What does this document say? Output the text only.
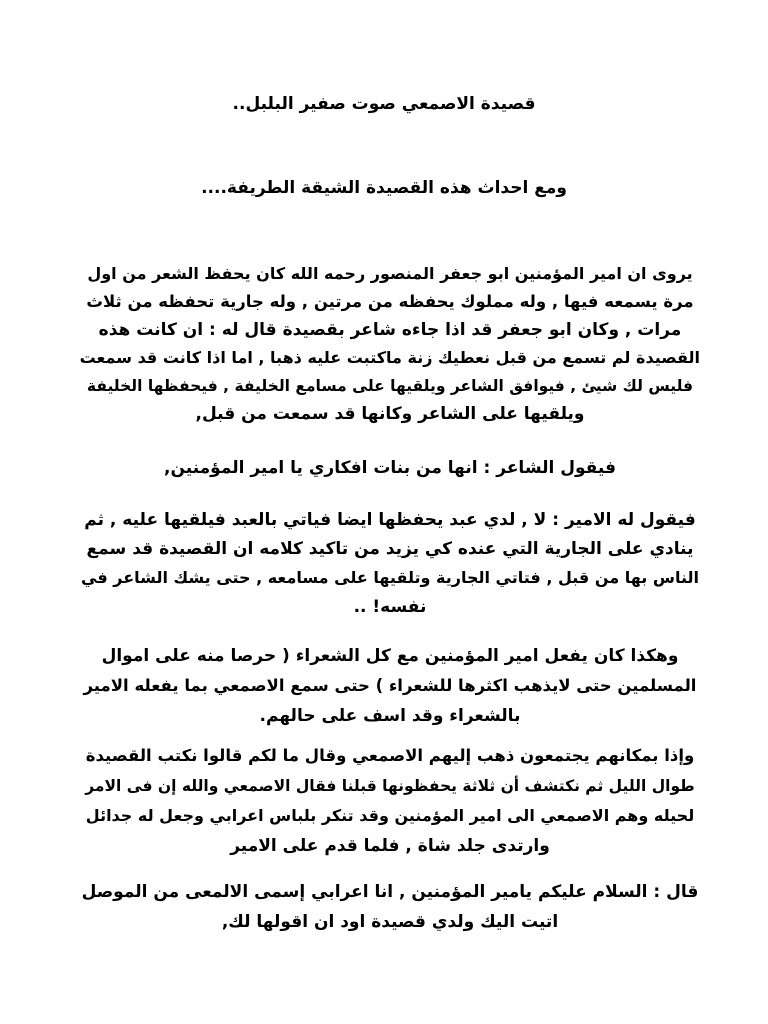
قصيدة الاصمعي صوت صفير البلبل..
ومع احداث هذه القصيدة الشيقة الطريفة....
يروى ان امير المؤمنين ابو جعفر المنصور رحمه الله كان يحفظ الشعر من اول
مرة يسمعه فيها , وله مملوك يحفظه من مرتين , وله جارية تحفظه من ثلاث
مرات , وكان ابو جعفر قد اذا جاءه شاعر بقصيدة قال له : ان كانت هذه
القصيدة لم تسمع من قبل نعطيك زنة ماكتبت عليه ذهبا , اما اذا كانت قد سمعت
فليس لك شيئ , فيوافق الشاعر ويلقيها على مسامع الخليفة , فيحفظها الخليفة
ويلقيها على الشاعر وكانها قد سمعت من قبل,
فيقول الشاعر : انها من بنات افكاري يا امير المؤمنين,
فيقول له الامير : لا , لدي عبد يحفظها ايضا فياتي بالعبد فيلقيها عليه , ثم
ينادي على الجارية التي عنده كي يزيد من تاكيد كلامه ان القصيدة قد سمع
الناس بها من قبل , فتاتي الجارية وتلقيها على مسامعه , حتى يشك الشاعر في
نفسه! ..
وهكذا كان يفعل امير المؤمنين مع كل الشعراء ( حرصا منه على اموال
المسلمين حتى لايذهب اكثرها للشعراء ) حتى سمع الاصمعي بما يفعله الامير
بالشعراء وقد اسف على حالهم.
وإذا بمكانهم يجتمعون ذهب إليهم الاصمعي وقال ما لكم قالوا نكتب القصيدة
طوال الليل ثم نكتشف أن ثلاثة يحفظونها قبلنا فقال الاصمعي والله إن فى الامر
لحيله وهم الاصمعي الى امير المؤمنين وقد تنكر بلباس اعرابي وجعل له جدائل
وارتدى جلد شاة , فلما قدم على الامير
قال : السلام عليكم يامير المؤمنين , انا اعرابي إسمى الالمعى من الموصل
اتيت اليك ولدي قصيدة اود ان اقولها لك,
